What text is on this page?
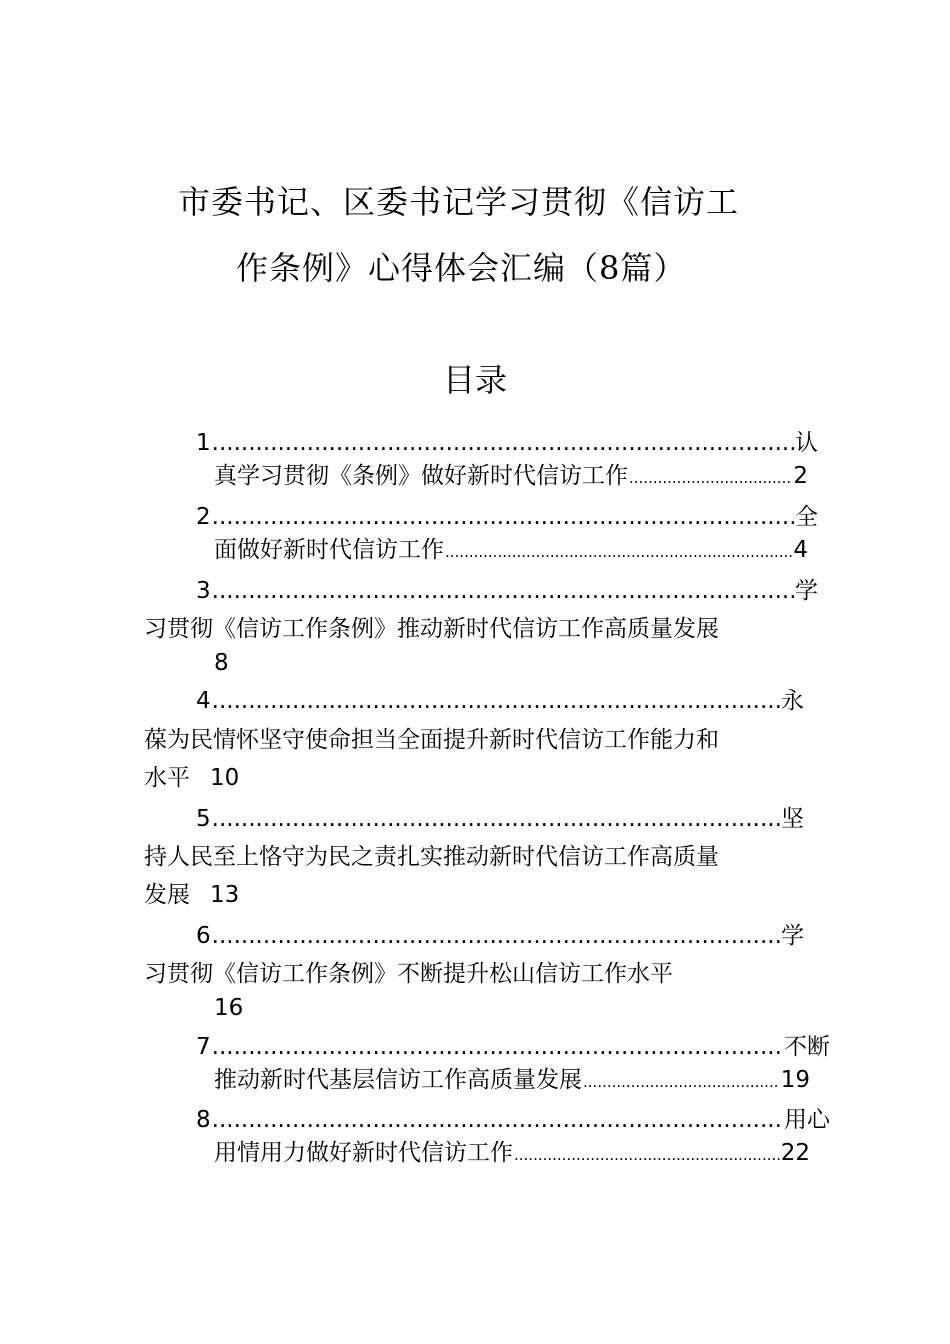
市委书记、区委书记学习贯彻《信访工
作条例》心得体会汇编（8篇）
目录
1 .....	认
真学习贯彻《条例》做好新时代信访工作 .....	2
2 .....	全
面做好新时代信访工作 .....	4
3 .....	学
习贯彻《信访工作条例》推动新时代信访工作高质量发展
8
4 .....	永
葆为民情怀坚守使命担当全面提升新时代信访工作能力和
水平 10
5 .....	坚
持人民至上恪守为民之责扎实推动新时代信访工作高质量
发展 13
6 .....	学
习贯彻《信访工作条例》不断提升松山信访工作水平
16
7 .....	不断
推动新时代基层信访工作高质量发展 .....	19
8 .....	用心
用情用力做好新时代信访工作 .....	22
